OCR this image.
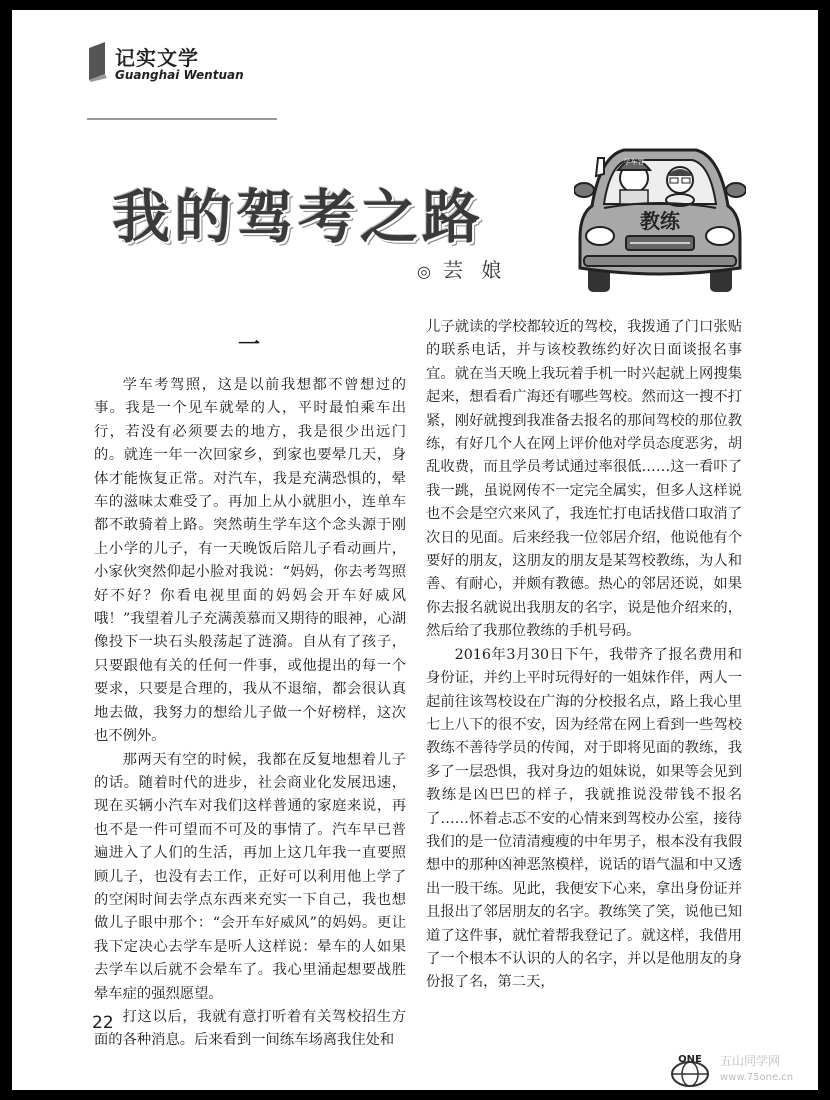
记实文学
Guanghai Wentuan
我的驾考之路
◎ 芸 娘
学车容
教练
一

学车考驾照，这是以前我想都不曾想过的事。我是一个见车就晕的人，平时最怕乘车出行，若没有必须要去的地方，我是很少出远门的。就连一年一次回家乡，到家也要晕几天，身体才能恢复正常。对汽车，我是充满恐惧的，晕车的滋味太难受了。再加上从小就胆小，连单车都不敢骑着上路。突然萌生学车这个念头源于刚上小学的儿子，有一天晚饭后陪儿子看动画片，小家伙突然仰起小脸对我说：“妈妈，你去考驾照好不好？你看电视里面的妈妈会开车好威风哦！”我望着儿子充满羡慕而又期待的眼神，心湖像投下一块石头般荡起了涟漪。自从有了孩子，只要跟他有关的任何一件事，或他提出的每一个要求，只要是合理的，我从不退缩，都会很认真地去做，我努力的想给儿子做一个好榜样，这次也不例外。

那两天有空的时候，我都在反复地想着儿子的话。随着时代的进步，社会商业化发展迅速，现在买辆小汽车对我们这样普通的家庭来说，再也不是一件可望而不可及的事情了。汽车早已普遍进入了人们的生活，再加上这几年我一直要照顾儿子，也没有去工作，正好可以利用他上学了的空闲时间去学点东西来充实一下自己，我也想做儿子眼中那个：“会开车好威风”的妈妈。更让我下定决心去学车是听人这样说：晕车的人如果去学车以后就不会晕车了。我心里涌起想要战胜晕车症的强烈愿望。

打这以后，我就有意打听着有关驾校招生方面的各种消息。后来看到一间练车场离我住处和

儿子就读的学校都较近的驾校，我拨通了门口张贴的联系电话，并与该校教练约好次日面谈报名事宜。就在当天晚上我玩着手机一时兴起就上网搜集起来，想看看广海还有哪些驾校。然而这一搜不打紧，刚好就搜到我准备去报名的那间驾校的那位教练，有好几个人在网上评价他对学员态度恶劣，胡乱收费，而且学员考试通过率很低……这一看吓了我一跳，虽说网传不一定完全属实，但多人这样说也不会是空穴来风了，我连忙打电话找借口取消了次日的见面。后来经我一位邻居介绍，他说他有个要好的朋友，这朋友的朋友是某驾校教练，为人和善、有耐心，并颇有教德。热心的邻居还说，如果你去报名就说出我朋友的名字，说是他介绍来的，然后给了我那位教练的手机号码。

2016年3月30日下午，我带齐了报名费用和身份证，并约上平时玩得好的一姐妹作伴，两人一起前往该驾校设在广海的分校报名点，路上我心里七上八下的很不安，因为经常在网上看到一些驾校教练不善待学员的传闻，对于即将见面的教练，我多了一层恐惧，我对身边的姐妹说，如果等会见到教练是凶巴巴的样子，我就推说没带钱不报名了……怀着忐忑不安的心情来到驾校办公室，接待我们的是一位清清瘦瘦的中年男子，根本没有我假想中的那种凶神恶煞模样，说话的语气温和中又透出一股干练。见此，我便安下心来，拿出身份证并且报出了邻居朋友的名字。教练笑了笑，说他已知道了这件事，就忙着帮我登记了。就这样，我借用了一个根本不认识的人的名字，并以是他朋友的身份报了名，第二天，

22
ONE 五山同学网
www.75one.cn
